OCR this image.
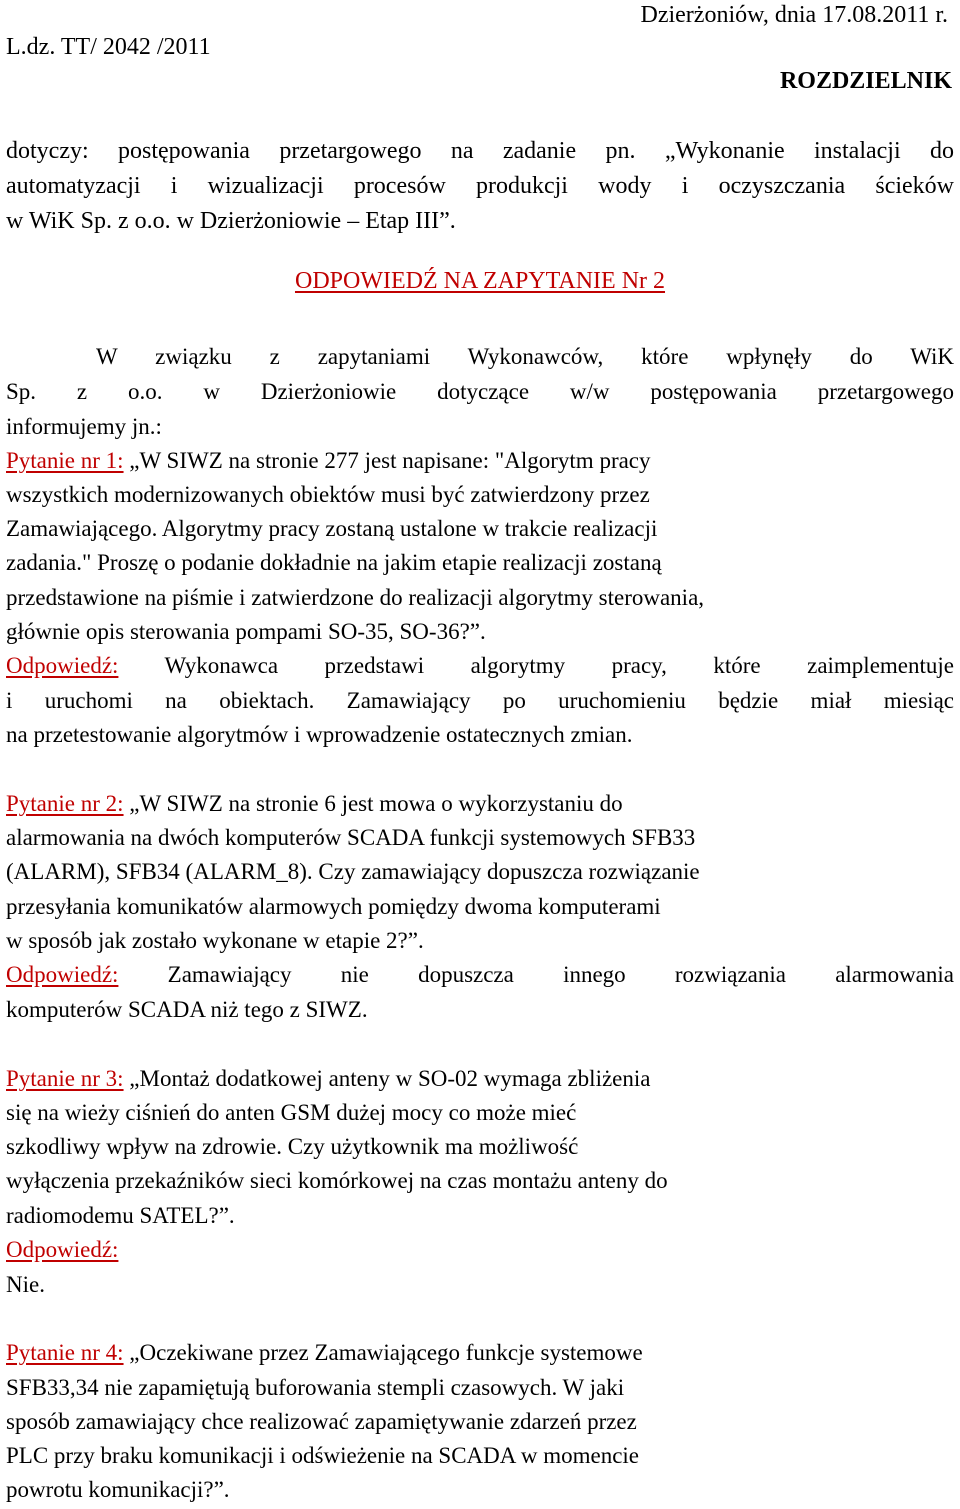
L.dz. TT/ 2042 /2011
Dzierżoniów, dnia 17.08.2011 r.
ROZDZIELNIK
dotyczy: postępowania przetargowego na zadanie pn. „Wykonanie instalacji do
automatyzacji i wizualizacji procesów produkcji wody i oczyszczania ścieków
w WiK Sp. z o.o. w Dzierżoniowie – Etap III”.
ODPOWIEDŹ NA ZAPYTANIE Nr 2
W związku z zapytaniami Wykonawców, które wpłynęły do WiK
Sp. z o.o. w Dzierżoniowie dotyczące w/w postępowania przetargowego
informujemy jn.:
Pytanie nr 1: „W SIWZ na stronie 277 jest napisane: "Algorytm pracy
wszystkich modernizowanych obiektów musi być zatwierdzony przez
Zamawiającego. Algorytmy pracy zostaną ustalone w trakcie realizacji
zadania." Proszę o podanie dokładnie na jakim etapie realizacji zostaną
przedstawione na piśmie i zatwierdzone do realizacji algorytmy sterowania,
głównie opis sterowania pompami SO-35, SO-36?”.
Odpowiedź: Wykonawca przedstawi algorytmy pracy, które zaimplementuje
i uruchomi na obiektach. Zamawiający po uruchomieniu będzie miał miesiąc
na przetestowanie algorytmów i wprowadzenie ostatecznych zmian.
Pytanie nr 2: „W SIWZ na stronie 6 jest mowa o wykorzystaniu do
alarmowania na dwóch komputerów SCADA funkcji systemowych SFB33
(ALARM), SFB34 (ALARM_8). Czy zamawiający dopuszcza rozwiązanie
przesyłania komunikatów alarmowych pomiędzy dwoma komputerami
w sposób jak zostało wykonane w etapie 2?”.
Odpowiedź: Zamawiający nie dopuszcza innego rozwiązania alarmowania
komputerów SCADA niż tego z SIWZ.
Pytanie nr 3: „Montaż dodatkowej anteny w SO-02 wymaga zbliżenia
się na wieży ciśnień do anten GSM dużej mocy co może mieć
szkodliwy wpływ na zdrowie. Czy użytkownik ma możliwość
wyłączenia przekaźników sieci komórkowej na czas montażu anteny do
radiomodemu SATEL?”.
Odpowiedź:
Nie.
Pytanie nr 4: „Oczekiwane przez Zamawiającego funkcje systemowe
SFB33,34 nie zapamiętują buforowania stempli czasowych. W jaki
sposób zamawiający chce realizować zapamiętywanie zdarzeń przez
PLC przy braku komunikacji i odświeżenie na SCADA w momencie
powrotu komunikacji?”.
